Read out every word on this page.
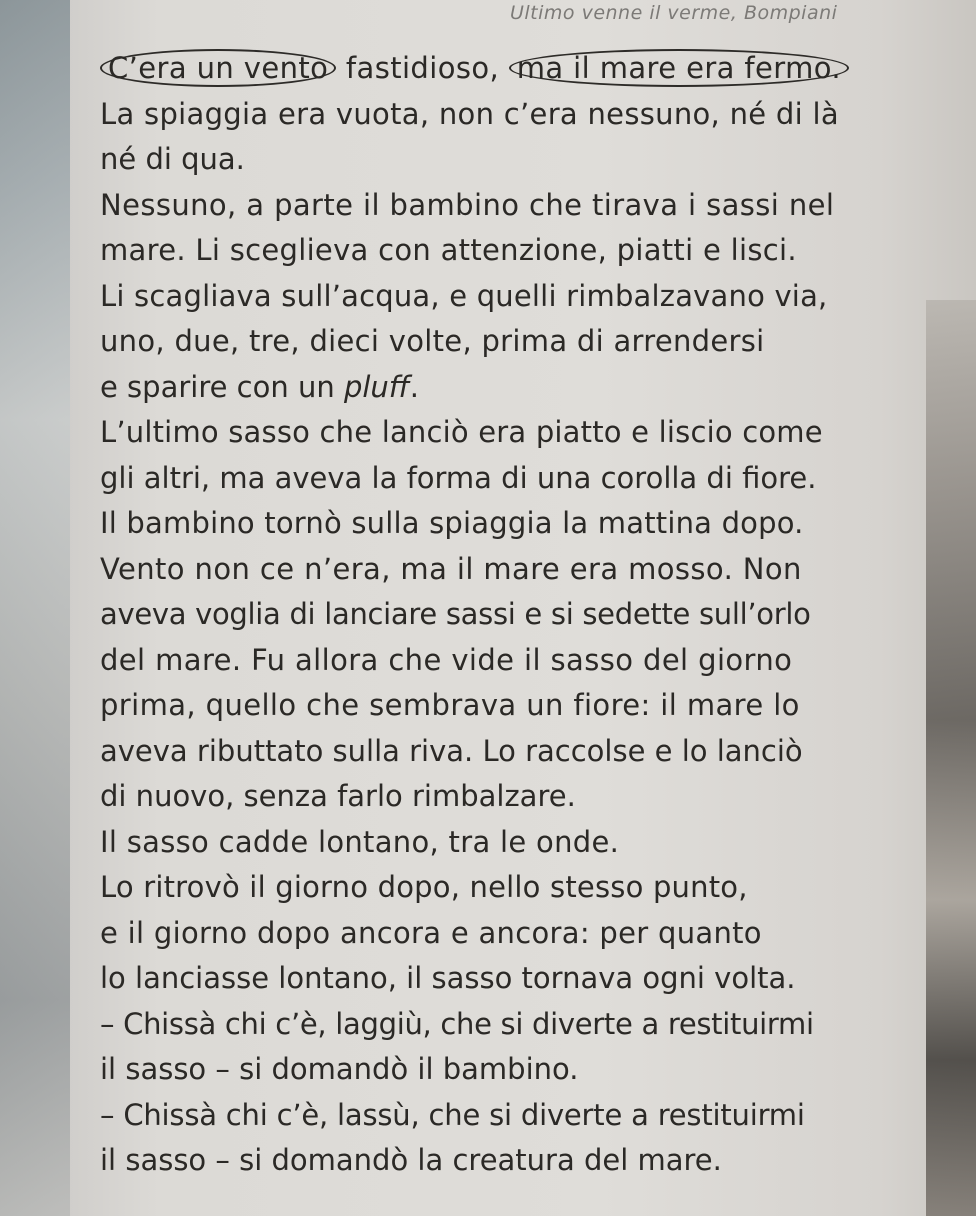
Ultimo venne il verme, Bompiani
C’era un vento fastidioso, ma il mare era fermo.
La spiaggia era vuota, non c’era nessuno, né di là
né di qua.
Nessuno, a parte il bambino che tirava i sassi nel
mare. Li sceglieva con attenzione, piatti e lisci.
Li scagliava sull’acqua, e quelli rimbalzavano via,
uno, due, tre, dieci volte, prima di arrendersi
e sparire con un pluff.
L’ultimo sasso che lanciò era piatto e liscio come
gli altri, ma aveva la forma di una corolla di fiore.
Il bambino tornò sulla spiaggia la mattina dopo.
Vento non ce n’era, ma il mare era mosso. Non
aveva voglia di lanciare sassi e si sedette sull’orlo
del mare. Fu allora che vide il sasso del giorno
prima, quello che sembrava un fiore: il mare lo
aveva ributtato sulla riva. Lo raccolse e lo lanciò
di nuovo, senza farlo rimbalzare.
Il sasso cadde lontano, tra le onde.
Lo ritrovò il giorno dopo, nello stesso punto,
e il giorno dopo ancora e ancora: per quanto
lo lanciasse lontano, il sasso tornava ogni volta.
– Chissà chi c’è, laggiù, che si diverte a restituirmi
il sasso – si domandò il bambino.
– Chissà chi c’è, lassù, che si diverte a restituirmi
il sasso – si domandò la creatura del mare.
